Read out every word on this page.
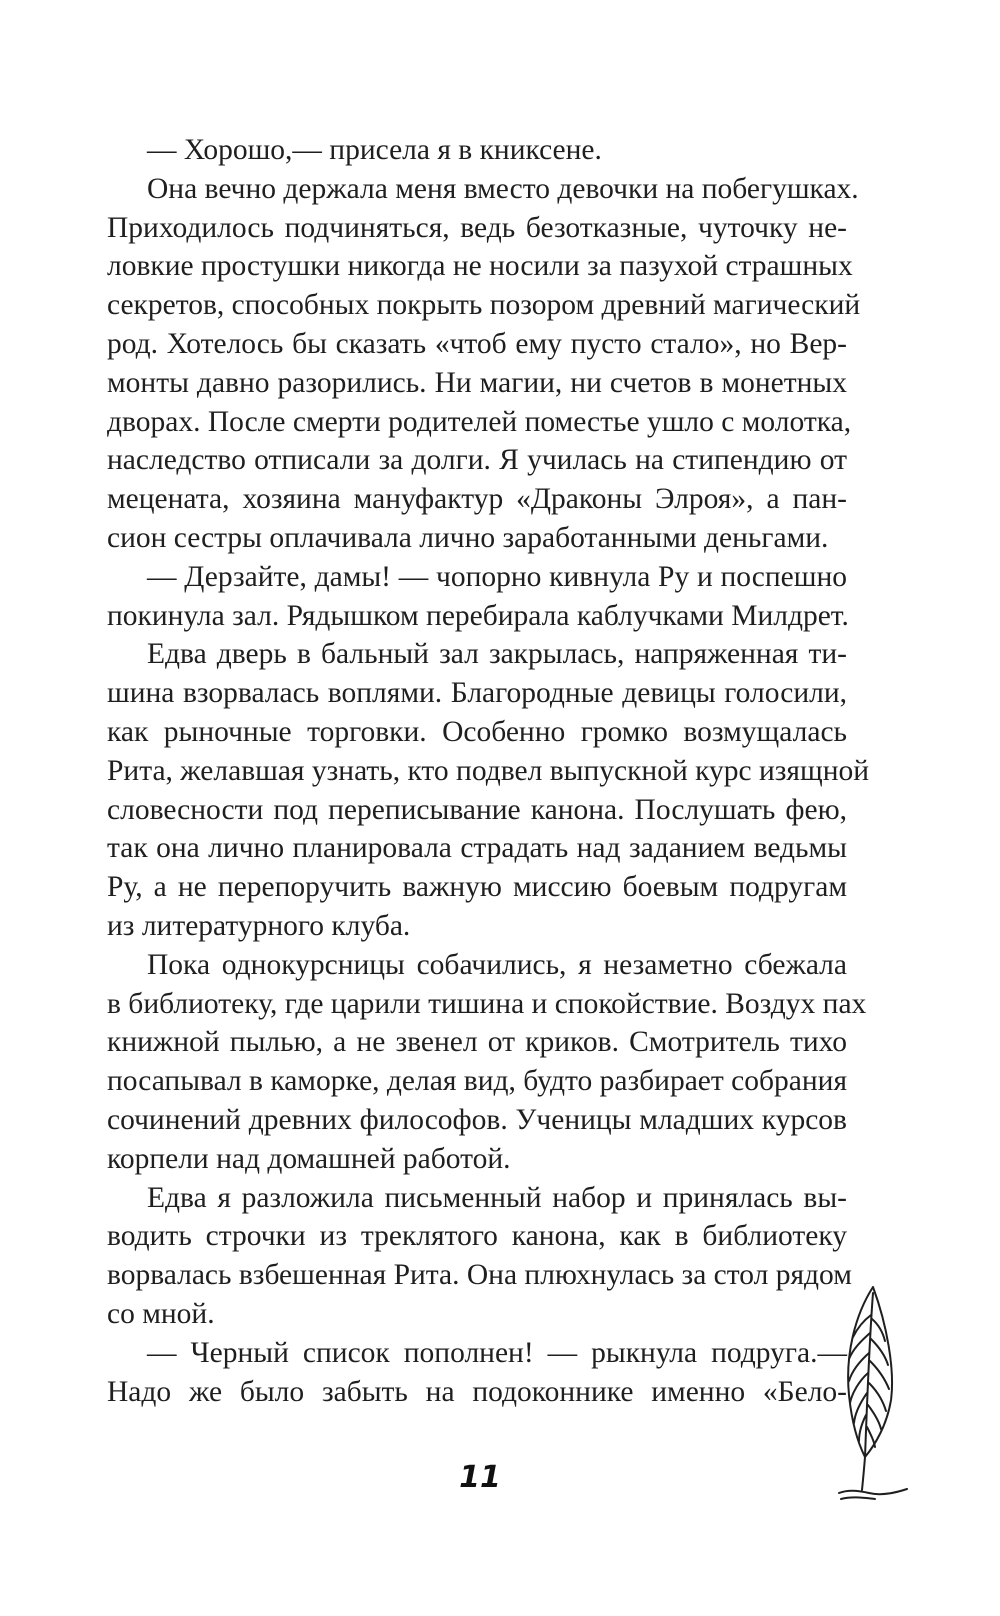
— Хорошо,— присела я в книксене.
Она вечно держала меня вместо девочки на побегушках.
Приходилось подчиняться, ведь безотказные, чуточку не-
ловкие простушки никогда не носили за пазухой страшных
секретов, способных покрыть позором древний магический
род. Хотелось бы сказать «чтоб ему пусто стало», но Вер-
монты давно разорились. Ни магии, ни счетов в монетных
дворах. После смерти родителей поместье ушло с молотка,
наследство отписали за долги. Я училась на стипендию от
мецената, хозяина мануфактур «Драконы Элроя», а пан-
сион сестры оплачивала лично заработанными деньгами.
— Дерзайте, дамы! — чопорно кивнула Ру и поспешно
покинула зал. Рядышком перебирала каблучками Милдрет.
Едва дверь в бальный зал закрылась, напряженная ти-
шина взорвалась воплями. Благородные девицы голосили,
как рыночные торговки. Особенно громко возмущалась
Рита, желавшая узнать, кто подвел выпускной курс изящной
словесности под переписывание канона. Послушать фею,
так она лично планировала страдать над заданием ведьмы
Ру, а не перепоручить важную миссию боевым подругам
из литературного клуба.
Пока однокурсницы собачились, я незаметно сбежала
в библиотеку, где царили тишина и спокойствие. Воздух пах
книжной пылью, а не звенел от криков. Смотритель тихо
посапывал в каморке, делая вид, будто разбирает собрания
сочинений древних философов. Ученицы младших курсов
корпели над домашней работой.
Едва я разложила письменный набор и принялась вы-
водить строчки из треклятого канона, как в библиотеку
ворвалась взбешенная Рита. Она плюхнулась за стол рядом
со мной.
— Черный список пополнен! — рыкнула подруга.—
Надо же было забыть на подоконнике именно «Бело-
11
